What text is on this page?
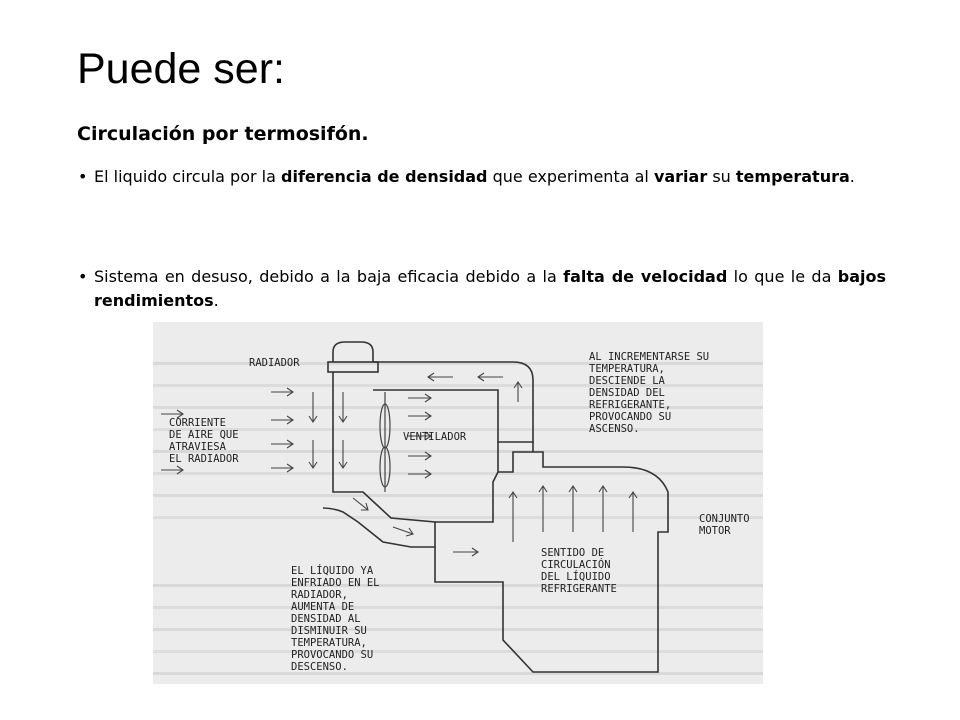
Puede ser:
Circulación por termosifón.
• El liquido circula por la diferencia de densidad que experimenta al variar su temperatura.
• Sistema en desuso, debido a la baja eficacia debido a la falta de velocidad lo que le da bajos rendimientos.
RADIADOR
CORRIENTE DE AIRE QUE ATRAVIESA EL RADIADOR
VENTILADOR
AL INCREMENTARSE SU TEMPERATURA, DESCIENDE LA DENSIDAD DEL REFRIGERANTE, PROVOCANDO SU ASCENSO.
CONJUNTO MOTOR
SENTIDO DE CIRCULACIÓN DEL LÍQUIDO REFRIGERANTE
EL LÍQUIDO YA ENFRIADO EN EL RADIADOR, AUMENTA DE DENSIDAD AL DISMINUIR SU TEMPERATURA, PROVOCANDO SU DESCENSO.
